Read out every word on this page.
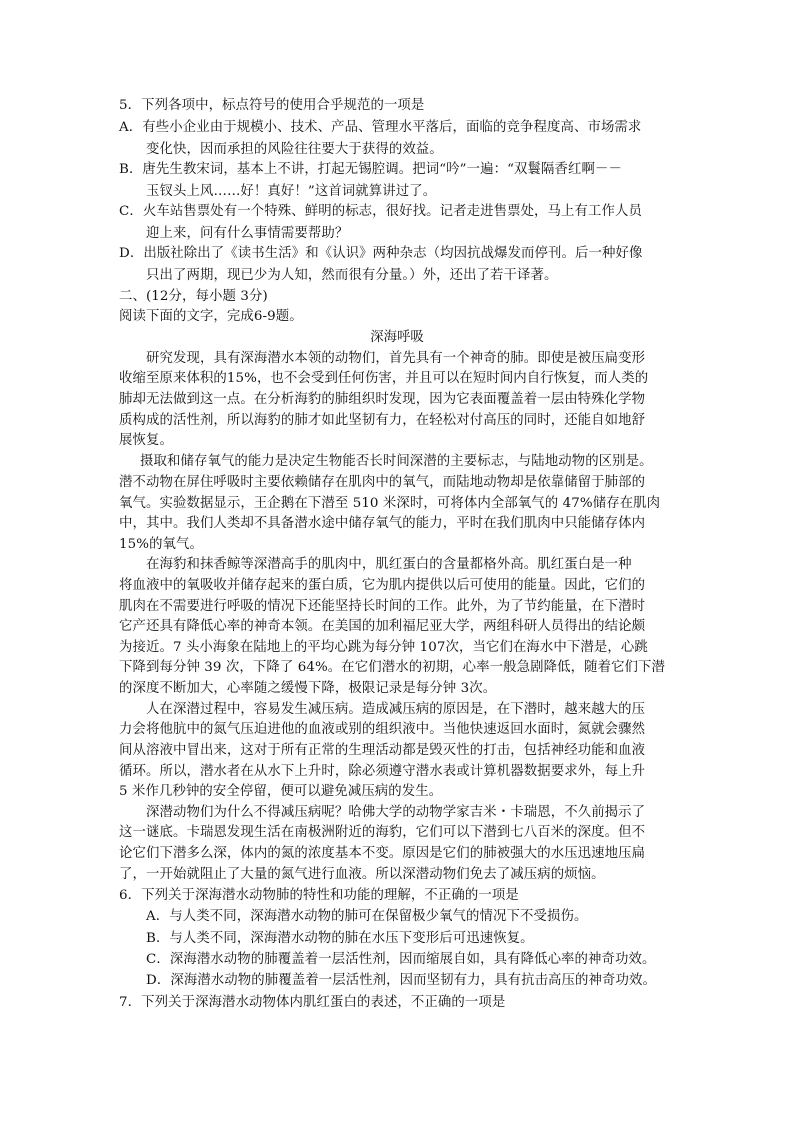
5．下列各项中，标点符号的使用合乎规范的一项是
A．有些小企业由于规模小、技术、产品、管理水平落后，面临的竞争程度高、市场需求
变化快，因而承担的风险往往要大于获得的效益。
B．唐先生教宋词，基本上不讲，打起无锡腔调。把词“吟”一遍：“双鬟隔香红啊－－
玉钗头上风……好！真好！”这首词就算讲过了。
C．火车站售票处有一个特殊、鲜明的标志，很好找。记者走进售票处，马上有工作人员
迎上来，问有什么事情需要帮助？
D．出版社除出了《读书生活》和《认识》两种杂志（均因抗战爆发而停刊。后一种好像
只出了两期，现已少为人知，然而很有分量。）外，还出了若干译著。
二、(12分，每小题 3分)
阅读下面的文字，完成6-9题。
深海呼吸
研究发现，具有深海潜水本领的动物们，首先具有一个神奇的肺。即使是被压扁变形
收缩至原来体积的15%，也不会受到任何伤害，并且可以在短时间内自行恢复，而人类的
肺却无法做到这一点。在分析海豹的肺组织时发现，因为它表面覆盖着一层由特殊化学物
质构成的活性剂，所以海豹的肺才如此坚韧有力，在轻松对付高压的同时，还能自如地舒
展恢复。
摄取和储存氧气的能力是决定生物能否长时间深潜的主要标志，与陆地动物的区别是。
潜不动物在屏住呼吸时主要依赖储存在肌肉中的氧气，而陆地动物却是依靠储留于肺部的
氧气。实验数据显示，王企鹅在下潜至 510 米深时，可将体内全部氧气的 47%储存在肌肉
中，其中。我们人类却不具备潜水途中储存氧气的能力，平时在我们肌肉中只能储存体内
15%的氧气。
在海豹和抹香鲸等深潜高手的肌肉中，肌红蛋白的含量都格外高。肌红蛋白是一种
将血液中的氧吸收并储存起来的蛋白质，它为肌内提供以后可使用的能量。因此，它们的
肌肉在不需要进行呼吸的情况下还能坚持长时间的工作。此外，为了节约能量，在下潜时
它产还具有降低心率的神奇本领。在美国的加利福尼亚大学，两组科研人员得出的结论颇
为接近。7 头小海象在陆地上的平均心跳为每分钟 107次，当它们在海水中下潜是，心跳
下降到每分钟 39 次，下降了 64%。在它们潜水的初期，心率一般急剧降低，随着它们下潜
的深度不断加大，心率随之缓慢下降，极限记录是每分钟 3次。
人在深潜过程中，容易发生减压病。造成减压病的原因是，在下潜时，越来越大的压
力会将他肮中的氮气压迫进他的血液或别的组织液中。当他快速返回水面时，氮就会骤然
间从溶液中冒出来，这对于所有正常的生理活动都是毁灭性的打击，包括神经功能和血液
循环。所以，潜水者在从水下上升时，除必须遵守潜水表或计算机器数据要求外，每上升
5 米作几秒钟的安全停留，便可以避免减压病的发生。
深潜动物们为什么不得减压病呢？哈佛大学的动物学家吉米・卡瑞恩，不久前揭示了
这一谜底。卡瑞恩发现生活在南极洲附近的海豹，它们可以下潜到七八百米的深度。但不
论它们下潜多么深，体内的氮的浓度基本不变。原因是它们的肺被强大的水压迅速地压扁
了，一开始就阻止了大量的氮气进行血液。所以深潜动物们免去了减压病的烦恼。
6．下列关于深海潜水动物肺的特性和功能的理解，不正确的一项是
A．与人类不同，深海潜水动物的肺可在保留极少氧气的情况下不受损伤。
B．与人类不同，深海潜水动物的肺在水压下变形后可迅速恢复。
C．深海潜水动物的肺覆盖着一层活性剂，因而缩展自如，具有降低心率的神奇功效。
D．深海潜水动物的肺覆盖着一层活性剂，因而坚韧有力，具有抗击高压的神奇功效。
7．下列关于深海潜水动物体内肌红蛋白的表述，不正确的一项是
